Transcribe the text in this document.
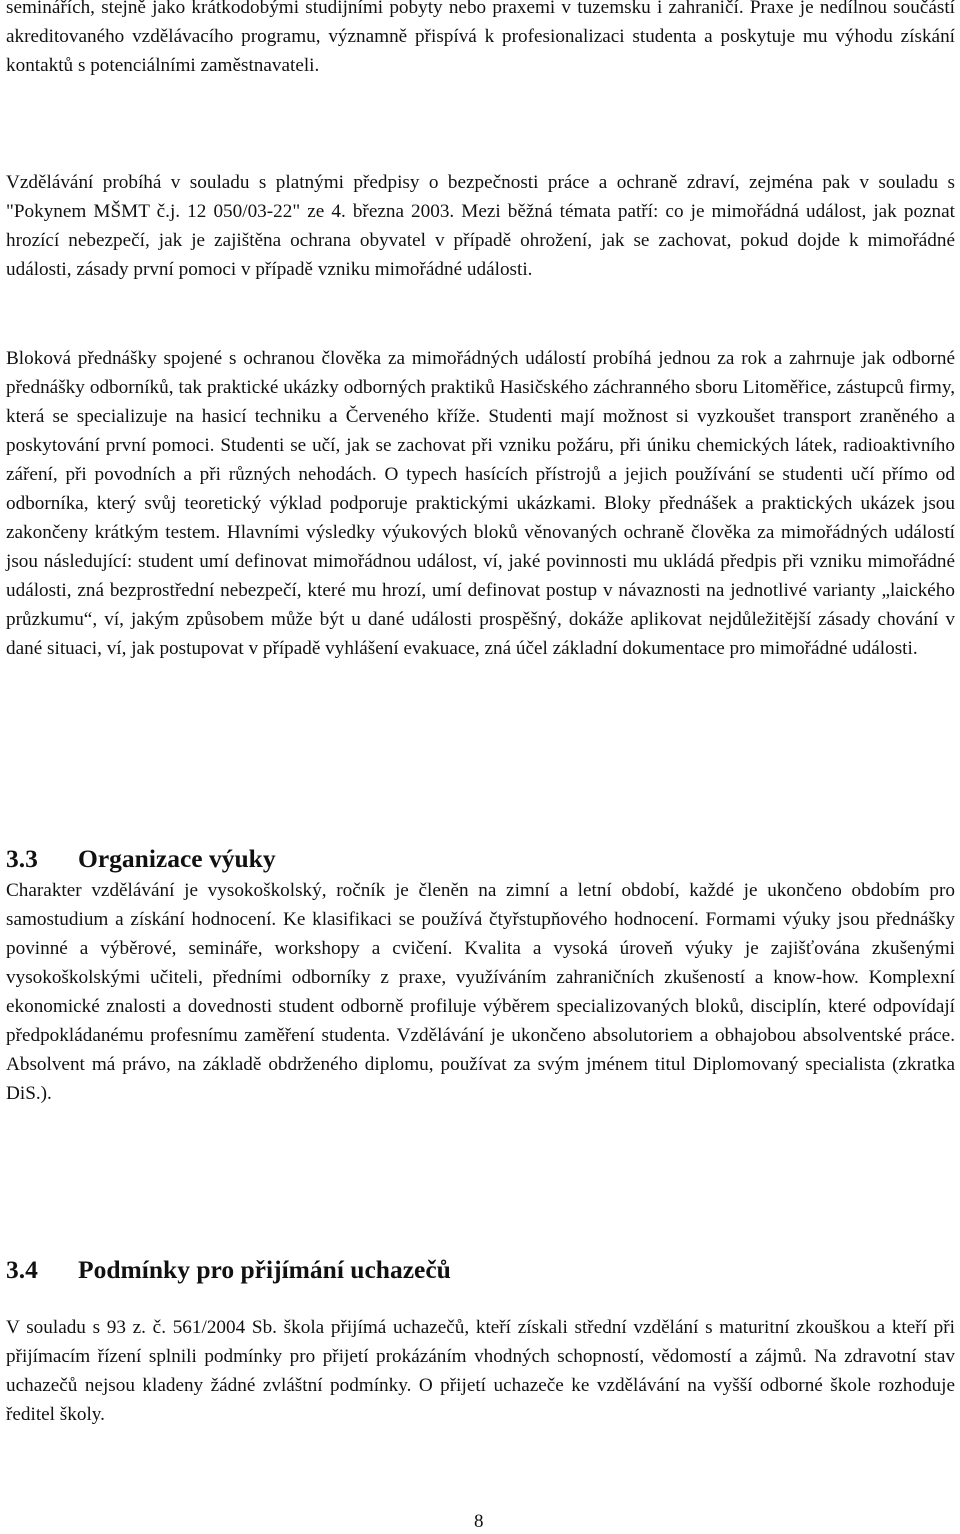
seminářích, stejně jako krátkodobými studijními pobyty nebo praxemi v tuzemsku i zahraničí. Praxe je nedílnou součástí akreditovaného vzdělávacího programu, významně přispívá k profesionalizaci studenta a poskytuje mu výhodu získání kontaktů s potenciálními zaměstnavateli.

Vzdělávání probíhá v souladu s platnými předpisy o bezpečnosti práce a ochraně zdraví, zejména pak v souladu s "Pokynem MŠMT č.j. 12 050/03-22" ze 4. března 2003. Mezi běžná témata patří: co je mimořádná událost, jak poznat hrozící nebezpečí, jak je zajištěna ochrana obyvatel v případě ohrožení, jak se zachovat, pokud dojde k mimořádné události, zásady první pomoci v případě vzniku mimořádné události.

Bloková přednášky spojené s ochranou člověka za mimořádných událostí probíhá jednou za rok a zahrnuje jak odborné přednášky odborníků, tak praktické ukázky odborných praktiků Hasičského záchranného sboru Litoměřice, zástupců firmy, která se specializuje na hasicí techniku a Červeného kříže. Studenti mají možnost si vyzkoušet transport zraněného a poskytování první pomoci. Studenti se učí, jak se zachovat při vzniku požáru, při úniku chemických látek, radioaktivního záření, při povodních a při různých nehodách. O typech hasících přístrojů a jejich používání se studenti učí přímo od odborníka, který svůj teoretický výklad podporuje praktickými ukázkami. Bloky přednášek a praktických ukázek jsou zakončeny krátkým testem. Hlavními výsledky výukových bloků věnovaných ochraně člověka za mimořádných událostí jsou následující: student umí definovat mimořádnou událost, ví, jaké povinnosti mu ukládá předpis při vzniku mimořádné události, zná bezprostřední nebezpečí, které mu hrozí, umí definovat postup v návaznosti na jednotlivé varianty „laického průzkumu“, ví, jakým způsobem může být u dané události prospěšný, dokáže aplikovat nejdůležitější zásady chování v dané situaci, ví, jak postupovat v případě vyhlášení evakuace, zná účel základní dokumentace pro mimořádné události.

3.3 Organizace výuky

Charakter vzdělávání je vysokoškolský, ročník je členěn na zimní a letní období, každé je ukončeno obdobím pro samostudium a získání hodnocení. Ke klasifikaci se používá čtyřstupňového hodnocení. Formami výuky jsou přednášky povinné a výběrové, semináře, workshopy a cvičení. Kvalita a vysoká úroveň výuky je zajišťována zkušenými vysokoškolskými učiteli, předními odborníky z praxe, využíváním zahraničních zkušeností a know-how. Komplexní ekonomické znalosti a dovednosti student odborně profiluje výběrem specializovaných bloků, disciplín, které odpovídají předpokládanému profesnímu zaměření studenta. Vzdělávání je ukončeno absolutoriem a obhajobou absolventské práce. Absolvent má právo, na základě obdrženého diplomu, používat za svým jménem titul Diplomovaný specialista (zkratka DiS.).

3.4 Podmínky pro přijímání uchazečů

V souladu s 93 z. č. 561/2004 Sb. škola přijímá uchazečů, kteří získali střední vzdělání s maturitní zkouškou a kteří při přijímacím řízení splnili podmínky pro přijetí prokázáním vhodných schopností, vědomostí a zájmů. Na zdravotní stav uchazečů nejsou kladeny žádné zvláštní podmínky. O přijetí uchazeče ke vzdělávání na vyšší odborné škole rozhoduje ředitel školy.

8
